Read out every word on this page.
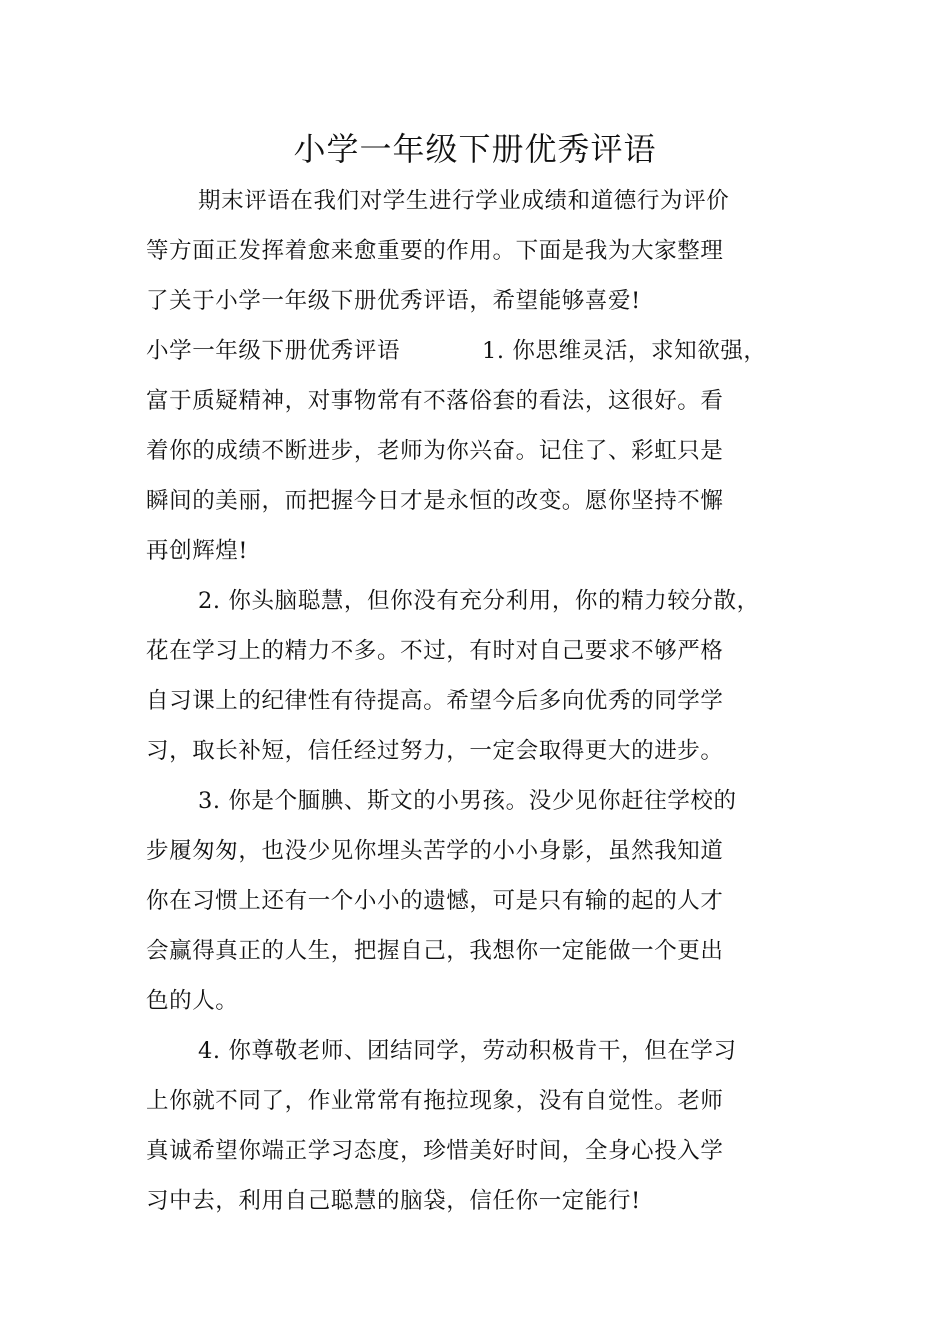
小学一年级下册优秀评语
期末评语在我们对学生进行学业成绩和道德行为评价
等方面正发挥着愈来愈重要的作用。下面是我为大家整理
了关于小学一年级下册优秀评语，希望能够喜爱!
小学一年级下册优秀评语	1. 你思维灵活，求知欲强，
富于质疑精神，对事物常有不落俗套的看法，这很好。看
着你的成绩不断进步，老师为你兴奋。记住了、彩虹只是
瞬间的美丽，而把握今日才是永恒的改变。愿你坚持不懈
再创辉煌!
2. 你头脑聪慧，但你没有充分利用，你的精力较分散，
花在学习上的精力不多。不过，有时对自己要求不够严格
自习课上的纪律性有待提高。希望今后多向优秀的同学学
习，取长补短，信任经过努力，一定会取得更大的进步。
3. 你是个腼腆、斯文的小男孩。没少见你赶往学校的
步履匆匆，也没少见你埋头苦学的小小身影，虽然我知道
你在习惯上还有一个小小的遗憾，可是只有输的起的人才
会赢得真正的人生，把握自己，我想你一定能做一个更出
色的人。
4. 你尊敬老师、团结同学，劳动积极肯干，但在学习
上你就不同了，作业常常有拖拉现象，没有自觉性。老师
真诚希望你端正学习态度，珍惜美好时间，全身心投入学
习中去，利用自己聪慧的脑袋，信任你一定能行!
